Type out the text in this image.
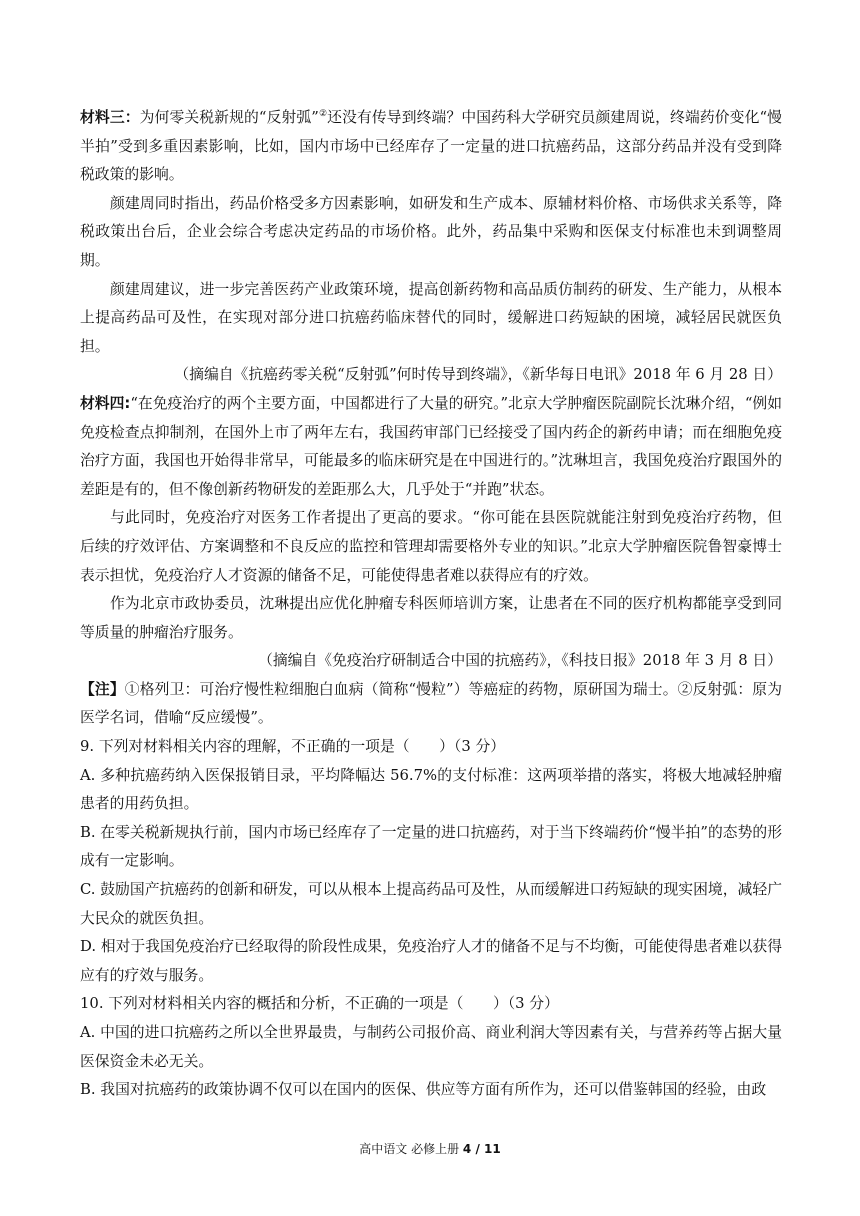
材料三：为何零关税新规的“反射弧”②还没有传导到终端？中国药科大学研究员颜建周说，终端药价变化“慢半拍”受到多重因素影响，比如，国内市场中已经库存了一定量的进口抗癌药品，这部分药品并没有受到降税政策的影响。

颜建周同时指出，药品价格受多方因素影响，如研发和生产成本、原辅材料价格、市场供求关系等，降税政策出台后，企业会综合考虑决定药品的市场价格。此外，药品集中采购和医保支付标准也未到调整周期。

颜建周建议，进一步完善医药产业政策环境，提高创新药物和高品质仿制药的研发、生产能力，从根本上提高药品可及性，在实现对部分进口抗癌药临床替代的同时，缓解进口药短缺的困境，减轻居民就医负担。

（摘编自《抗癌药零关税“反射弧”何时传导到终端》，《新华每日电讯》2018 年 6 月 28 日）

材料四:“在免疫治疗的两个主要方面，中国都进行了大量的研究。”北京大学肿瘤医院副院长沈琳介绍，“例如免疫检查点抑制剂，在国外上市了两年左右，我国药审部门已经接受了国内药企的新药申请；而在细胞免疫治疗方面，我国也开始得非常早，可能最多的临床研究是在中国进行的。”沈琳坦言，我国免疫治疗跟国外的差距是有的，但不像创新药物研发的差距那么大，几乎处于“并跑”状态。

与此同时，免疫治疗对医务工作者提出了更高的要求。“你可能在县医院就能注射到免疫治疗药物，但后续的疗效评估、方案调整和不良反应的监控和管理却需要格外专业的知识。”北京大学肿瘤医院鲁智豪博士表示担忧，免疫治疗人才资源的储备不足，可能使得患者难以获得应有的疗效。

作为北京市政协委员，沈琳提出应优化肿瘤专科医师培训方案，让患者在不同的医疗机构都能享受到同等质量的肿瘤治疗服务。

（摘编自《免疫治疗研制适合中国的抗癌药》，《科技日报》2018 年 3 月 8 日）

【注】①格列卫：可治疗慢性粒细胞白血病（简称“慢粒”）等癌症的药物，原研国为瑞士。②反射弧：原为医学名词，借喻“反应缓慢”。

9. 下列对材料相关内容的理解，不正确的一项是（　　）（3 分）

A. 多种抗癌药纳入医保报销目录，平均降幅达 56.7%的支付标准：这两项举措的落实，将极大地减轻肿瘤患者的用药负担。

B. 在零关税新规执行前，国内市场已经库存了一定量的进口抗癌药，对于当下终端药价“慢半拍”的态势的形成有一定影响。

C. 鼓励国产抗癌药的创新和研发，可以从根本上提高药品可及性，从而缓解进口药短缺的现实困境，减轻广大民众的就医负担。

D. 相对于我国免疫治疗已经取得的阶段性成果，免疫治疗人才的储备不足与不均衡，可能使得患者难以获得应有的疗效与服务。

10. 下列对材料相关内容的概括和分析，不正确的一项是（　　）（3 分）

A. 中国的进口抗癌药之所以全世界最贵，与制药公司报价高、商业利润大等因素有关，与营养药等占据大量医保资金未必无关。

B. 我国对抗癌药的政策协调不仅可以在国内的医保、供应等方面有所作为，还可以借鉴韩国的经验，由政

高中语文 必修上册 4 / 11
